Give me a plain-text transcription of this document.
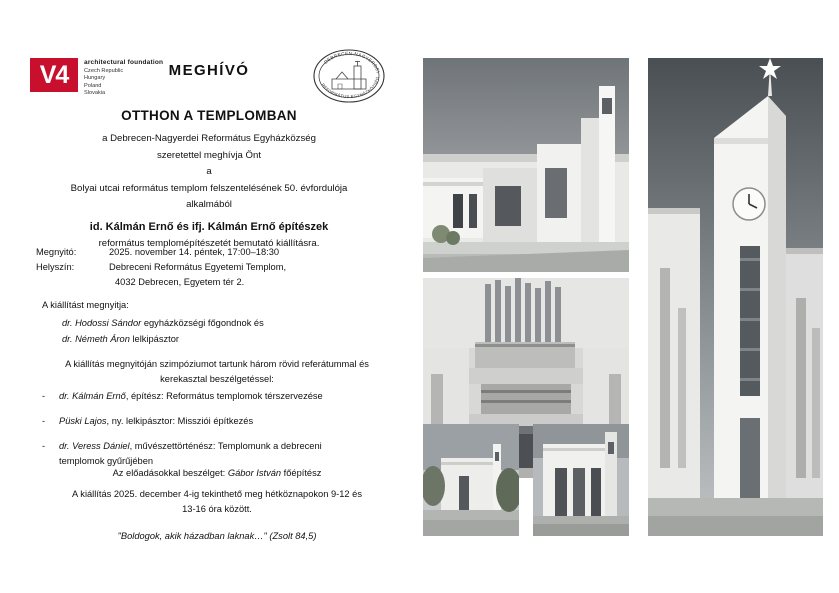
V4	architectural foundation
Czech Republic
Hungary
Poland
Slovakia
DEBRECEN-NAGYERDEI
REFORMÁTUS EGYHÁZKÖZSÉG
MEGHÍVÓ
OTTHON A TEMPLOMBAN
a Debrecen-Nagyerdei Református Egyházközség
szeretettel meghívja Önt
a
Bolyai utcai református templom felszentelésének 50. évfordulója
alkalmából
id. Kálmán Ernő és ifj. Kálmán Ernő építészek
református templomépítészetét bemutató kiállításra.
Megnyitó:	2025. november 14. péntek, 17:00–18:30
Helyszín:	Debreceni Református Egyetemi Templom,
4032 Debrecen, Egyetem tér 2.
A kiállítást megnyitja:
dr. Hodossi Sándor egyházközségi főgondnok és
dr. Németh Áron lelkipásztor
A kiállítás megnyitóján szimpóziumot tartunk három rövid referátummal és
kerekasztal beszélgetéssel:
-	dr. Kálmán Ernő, építész: Református templomok térszervezése
-	Püski Lajos, ny. lelkipásztor: Missziói építkezés
-	dr. Veress Dániel, művészettörténész: Templomunk a debreceni
templomok gyűrűjében
Az előadásokkal beszélget: Gábor István főépítész
A kiállítás 2025. december 4-ig tekinthető meg hétköznapokon 9-12 és
13-16 óra között.
"Boldogok, akik házadban laknak…" (Zsolt 84,5)
